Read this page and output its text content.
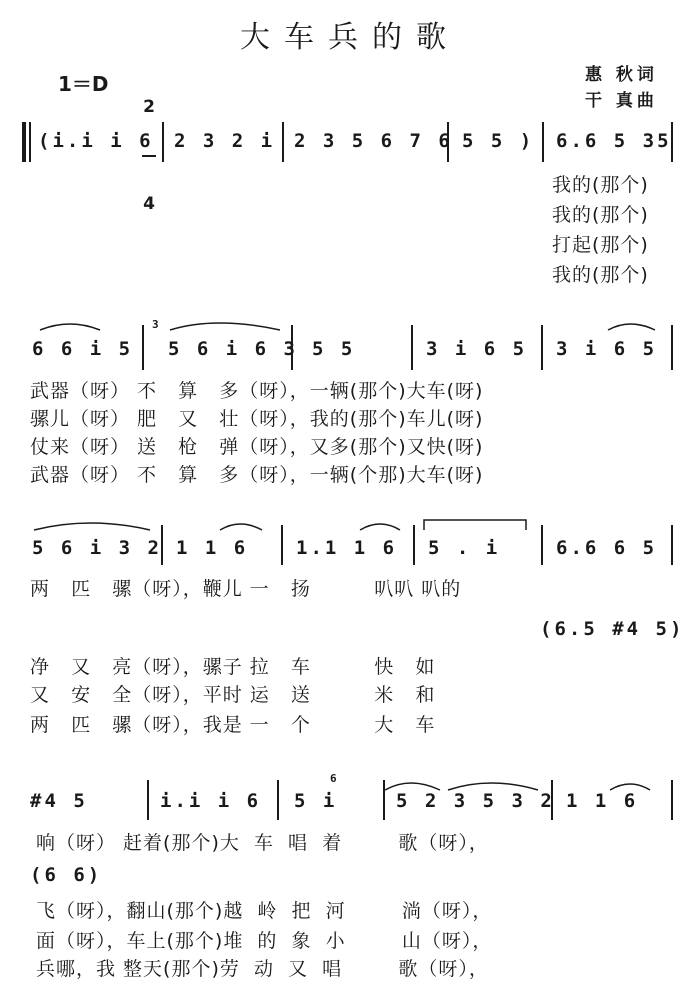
大车兵的歌
1＝D

2

4

惠 秋词
干 真曲
(i.i i 6 2 3 2 i 2 3 5 6 7 6 5 5 ) 6.6 5 35
我的(那个)
我的(那个)
打起(那个)
我的(那个)
6 6 i 5
3
5 6 i 6 3 5 5	3 i 6 5 3 i 6 5
武器（呀） 不   算   多（呀），一辆(那个)大车(呀)
骡儿（呀） 肥   又   壮（呀），我的(那个)车儿(呀)
仗来（呀） 送   枪   弹（呀），又多(那个)又快(呀)
武器（呀） 不   算   多（呀），一辆(个那)大车(呀)
5 6 i 3 2 1 1 6	1.1 1 6 5 . i	6.6 6 5
(6.5 #4 5)
两   匹   骡（呀），鞭儿 一   扬         叭叭 叭的
净   又   亮（呀），骡子 拉   车         快   如
又   安   全（呀），平时 运   送         米   和
两   匹   骡（呀），我是 一   个         大   车
#4 5	i.i i 6
6
5 i	5 2 3 5 3 2 1 1 6
(6 6)
响（呀） 赶着(那个)大  车  唱  着        歌（呀），
飞（呀），翻山(那个)越  岭  把  河        淌（呀），
面（呀），车上(那个)堆  的  象  小        山（呀），
兵哪，我 整天(那个)劳  动  又  唱        歌（呀），
